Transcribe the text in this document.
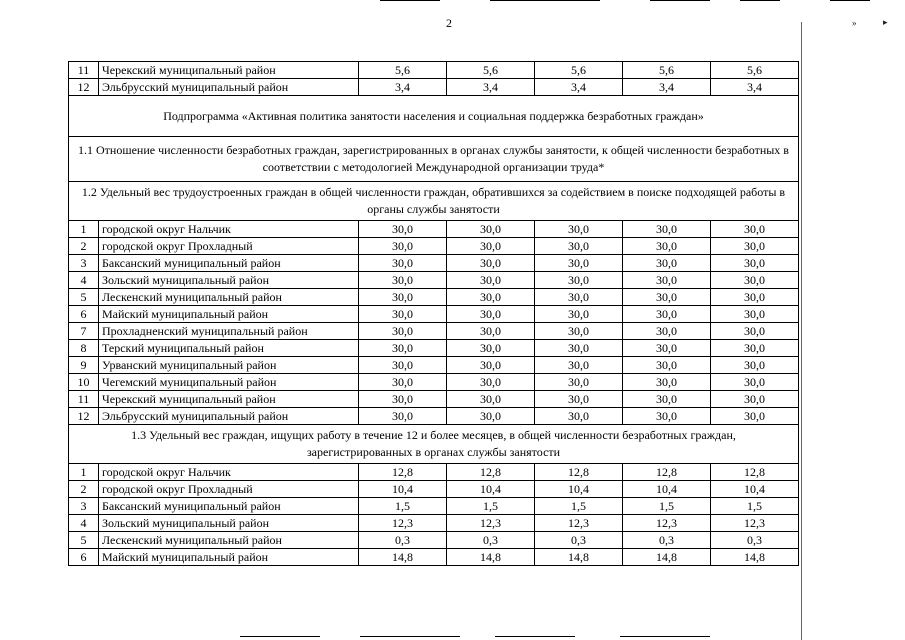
»	▸
2
11	Черекский муниципальный район	5,6	5,6	5,6	5,6	5,6
12	Эльбрусский муниципальный район	3,4	3,4	3,4	3,4	3,4
Подпрограмма «Активная политика занятости населения и социальная поддержка безработных граждан»						
1.1 Отношение численности безработных граждан, зарегистрированных в органах службы занятости, к общей численности безработных в соответствии с методологией Международной организации труда*						
1.2 Удельный вес трудоустроенных граждан в общей численности граждан, обратившихся за содействием в поиске подходящей работы в органы службы занятости						
1	городской округ Нальчик	30,0	30,0	30,0	30,0	30,0
2	городской округ Прохладный	30,0	30,0	30,0	30,0	30,0
3	Баксанский муниципальный район	30,0	30,0	30,0	30,0	30,0
4	Зольский муниципальный район	30,0	30,0	30,0	30,0	30,0
5	Лескенский муниципальный район	30,0	30,0	30,0	30,0	30,0
6	Майский муниципальный район	30,0	30,0	30,0	30,0	30,0
7	Прохладненский муниципальный район	30,0	30,0	30,0	30,0	30,0
8	Терский муниципальный район	30,0	30,0	30,0	30,0	30,0
9	Урванский муниципальный район	30,0	30,0	30,0	30,0	30,0
10	Чегемский муниципальный район	30,0	30,0	30,0	30,0	30,0
11	Черекский муниципальный район	30,0	30,0	30,0	30,0	30,0
12	Эльбрусский муниципальный район	30,0	30,0	30,0	30,0	30,0
1.3 Удельный вес граждан, ищущих работу в течение 12 и более месяцев, в общей численности безработных граждан, зарегистрированных в органах службы занятости						
1	городской округ Нальчик	12,8	12,8	12,8	12,8	12,8
2	городской округ Прохладный	10,4	10,4	10,4	10,4	10,4
3	Баксанский муниципальный район	1,5	1,5	1,5	1,5	1,5
4	Зольский муниципальный район	12,3	12,3	12,3	12,3	12,3
5	Лескенский муниципальный район	0,3	0,3	0,3	0,3	0,3
6	Майский муниципальный район	14,8	14,8	14,8	14,8	14,8
